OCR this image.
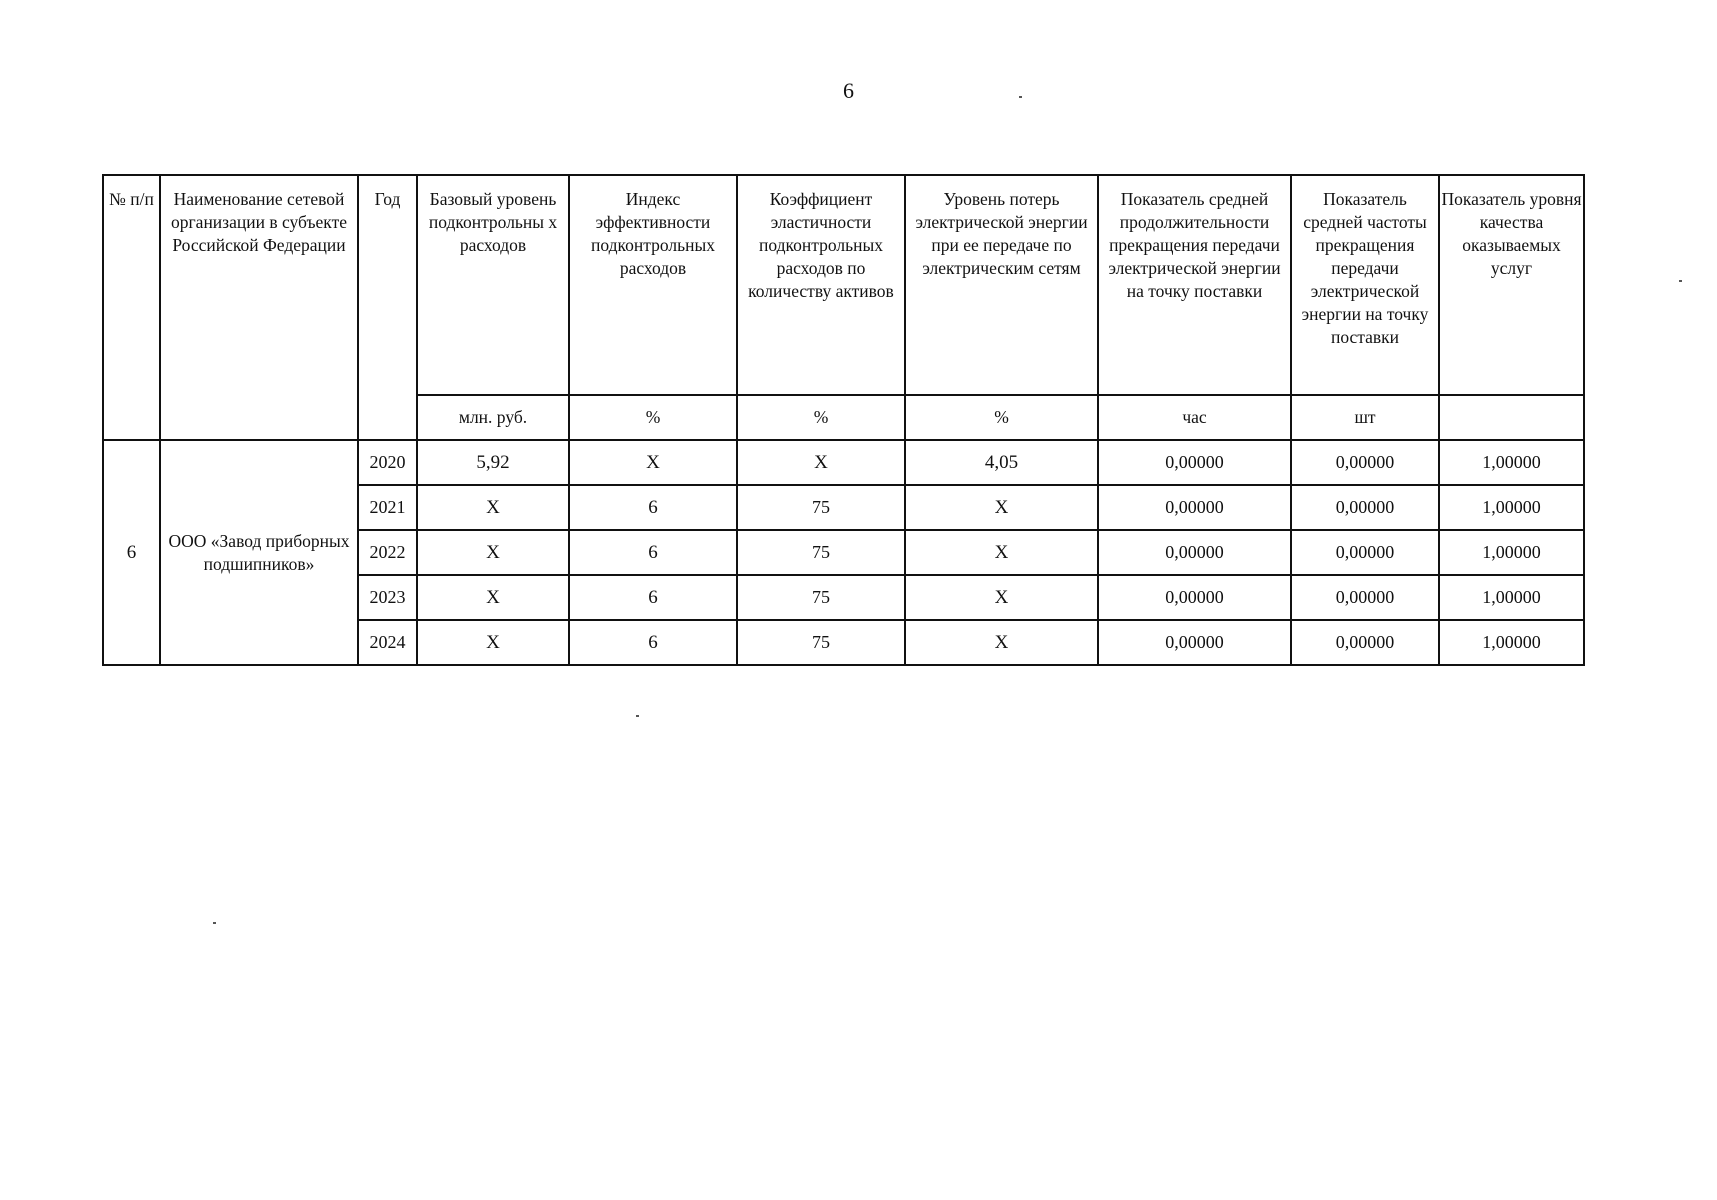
6
№ п/п	Наименование сетевой организации в субъекте Российской Федерации	Год	Базовый уровень подконтрольны х расходов	Индекс эффективности подконтрольных расходов	Коэффициент эластичности подконтрольных расходов по количеству активов	Уровень потерь электрической энергии при ее передаче по электрическим сетям	Показатель средней продолжительности прекращения передачи электрической энергии на точку поставки	Показатель средней частоты прекращения передачи электрической энергии на точку поставки	Показатель уровня качества оказываемых услуг
			млн. руб.	%	%	%	час	шт	
6	ООО «Завод приборных подшипников»	2020	5,92	X	X	4,05	0,00000	0,00000	1,00000
		2021	X	6	75	X	0,00000	0,00000	1,00000
		2022	X	6	75	X	0,00000	0,00000	1,00000
		2023	X	6	75	X	0,00000	0,00000	1,00000
		2024	X	6	75	X	0,00000	0,00000	1,00000
